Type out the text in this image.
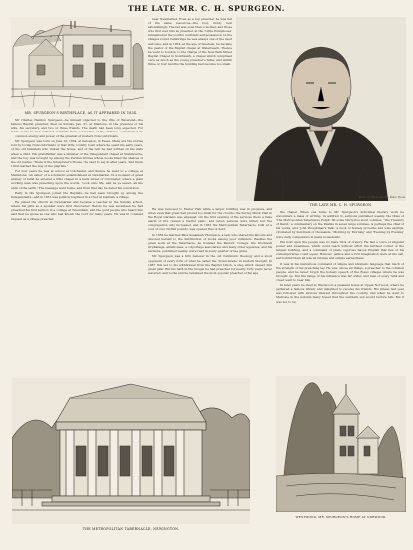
THE LATE MR. C. H. SPURGEON.
MR. SPURGEON'S BIRTHPLACE, AS IT APPEARED IN 1834.

Mr Charles Haddon Spurgeon—he himself objected to the title of Reverend—the famous Baptist preacher, died on Sunday, Jan. 31, at Mentone, in the presence of his wife, his secretary, and two or three friends. The death had been long expected. For

common energy and power of the greatest of modern Nonconformists.

Mr. Spurgeon was born on June 19, 1834, at Kelvedon, in Essex. Many are the stories told by loving Nonconformists of that little country town where he spent his early years, of the old ministers who visited the house, and of the text he had written on his slate when a child. His grandfather was a minister of the Independent chapel at Stambourne, and the boy was brought up among the Puritan divines whose books filled the shelves of the old manse. 'There is the Interpreter's House,' he used to say in after years, 'and there I first learned the way of the pilgrims.'

For four years he was at school at Colchester, and thence he went to a college at Maidstone, 'an usher' of a scholastic establishment at Newmarket. In a moment of great anxiety of mind he entered a little chapel in a back street of Colchester, where a plain working man was preaching upon the words, 'Look unto Me, and be ye saved, all the ends of the earth.' The message went home, and from that day he dated his conversion.

Early in life Spurgeon joined the Baptists—he had been brought up among the Independents—and in 1851 was publicly baptised in a river at Isleham, a village

He joined the church at Newmarket and became a teacher in the Sunday school, where his gifts as a speaker were first discovered. Before he was seventeen he had preached his first sermon in a cottage at Teversham, and the good people who heard him said that he spoke as one who had known the Lord for many years. He was in constant request as a village preacher.

near Newmarket. Even as a boy preacher he was full of the same resources—the rosy, ruddy look astonishingly. The lad was even then a worker, and those who first met him as preacher at the 'Little Pumphouse' remembered the youth's confident self-possession. In the villages round Cambridge he was always one of the most welcome, and in 1854, at the age of nineteen, he became the pastor of the Baptist chapel at Waterbeach. Thence he went to London, to the charge of the New Park Street Baptist Chapel in Southwark, a chapel which comprised once as much as the young preacher's fame; and within three or four months the building had become too small.

He was removed to Exeter Hall while a larger building was in progress, and when even that great hall proved too small for the crowds, the Surrey Music Hall in the Royal Gardens was engaged. On the first evening of the services there a false alarm of fire caused a fearful panic, and seven persons were killed; but the congregation only increased, and in 1861 the Metropolitan Tabernacle, built at a cost of over 30,000 pounds, was opened free of debt.

In 1856 he married Miss Susannah Thompson, a lady who shared his labours and devoted herself to the distribution of books among poor ministers. Besides the great work at the Tabernacle, he founded the Pastors' College, the Stockwell Orphanage, almshouses, a colportage association and many other agencies, and his sermons, published weekly, were read in every quarter of the globe.

Mr. Spurgeon was a firm believer in the old Calvinistic theology and a stout opponent of every form of what he called the 'Down-Grade' in modern thought. In 1887 this led to his withdrawal from the Baptist Union, a step which caused him great pain. But his faith in the Gospel he had preached for nearly forty years never wavered, and to the end he remained the most popular preacher of his age.

Photo. by Elliott and Fry, Baker Street.
THE LATE MR. C. H. SPURGEON.

the chapel. When one turns to Mr. Spurgeon's individual literary work he encounters a mass of writing. In addition to sermons published weekly, the titles of 'The Metropolitan Tabernacle Pulpit' fill some thirty-five stout volumes. 'The Treasury of David,' a commentary on the Psalms in seven large volumes, is perhaps the chief of his works, and 'John Ploughman's Talk,' a book of homely proverbs and wise sayings, circulated by hundreds of thousands. 'Morning by Morning' and 'Evening by Evening' were daily companions in many households.

His hold upon the people was no mere trick of oratory. He had a voice of singular power and sweetness, which could reach without effort the farthest corner of the largest building, and a command of plain, vigorous Saxon English that few of his contemporaries could equal. Humour, pathos and a rich imagination were at his call, and behind them all was an intense and simple earnestness.

It was in his marvellous command of simple and idiomatic language that much of the strength of his preaching lay. He was, above all things, a preacher to the common people, and he never forgot the homely speech of the Essex villages where he was brought up. But the range of his influence was far wider, and men of every rank and creed went to hear him.

In later years he lived at Westwood, a pleasant house at Upper Norwood, where he gathered a famous library and delighted to receive his friends. His illness last year was followed with anxious interest throughout the country, and when he went to Mentone in the autumn many hoped that the southern sun would restore him. But it was not to be.

THE METROPOLITAN TABERNACLE, NEWINGTON.
WESTWOOD, MR. SPURGEON'S HOME AT NORWOOD.
